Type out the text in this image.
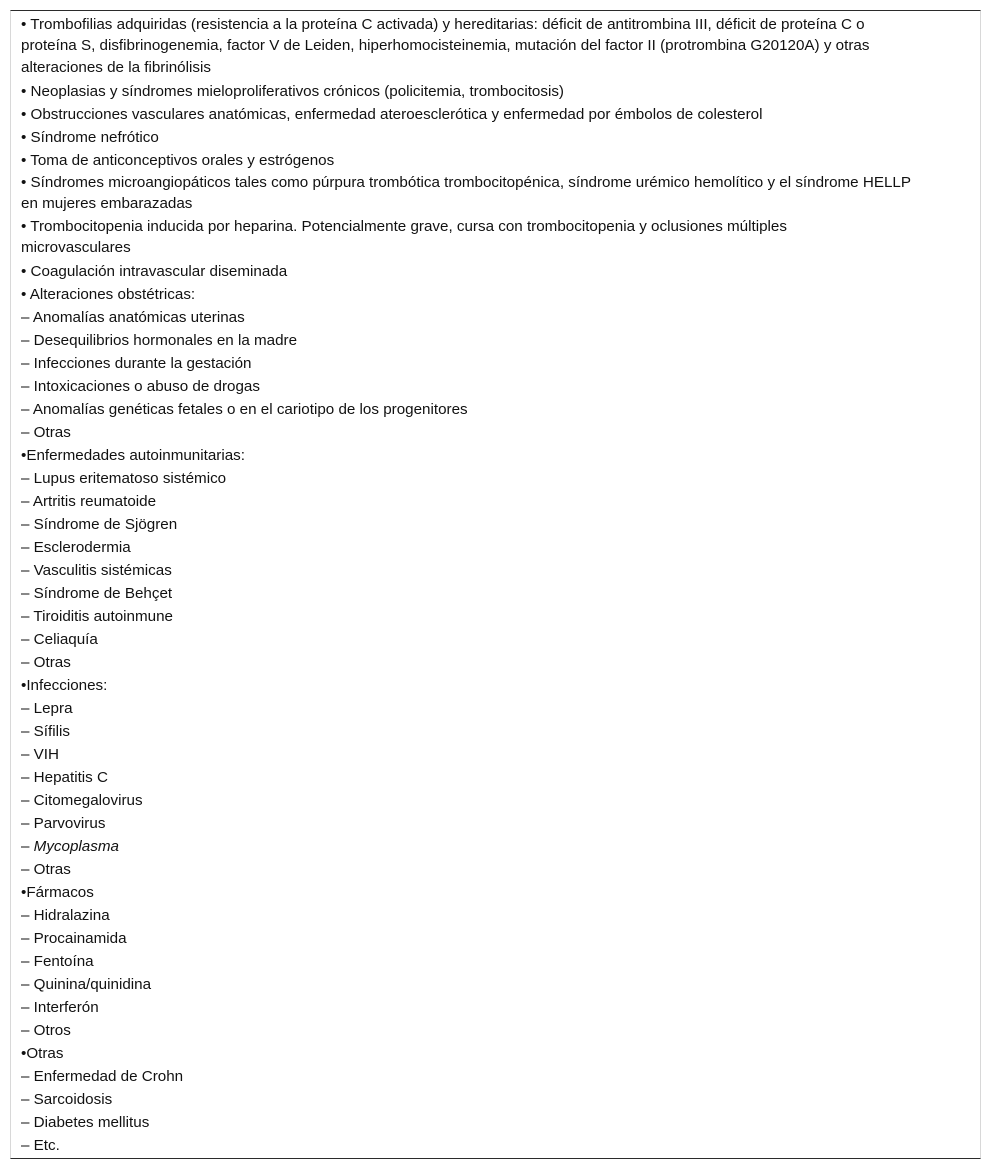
• Trombofilias adquiridas (resistencia a la proteína C activada) y hereditarias: déficit de antitrombina III, déficit de proteína C o proteína S, disfibrinogenemia, factor V de Leiden, hiperhomocisteinemia, mutación del factor II (protrombina G20120A) y otras alteraciones de la fibrinólisis
• Neoplasias y síndromes mieloproliferativos crónicos (policitemia, trombocitosis)
• Obstrucciones vasculares anatómicas, enfermedad ateroesclerótica y enfermedad por émbolos de colesterol
• Síndrome nefrótico
• Toma de anticonceptivos orales y estrógenos
• Síndromes microangiopáticos tales como púrpura trombótica trombocitopénica, síndrome urémico hemolítico y el síndrome HELLP en mujeres embarazadas
• Trombocitopenia inducida por heparina. Potencialmente grave, cursa con trombocitopenia y oclusiones múltiples microvasculares
• Coagulación intravascular diseminada
• Alteraciones obstétricas:
– Anomalías anatómicas uterinas
– Desequilibrios hormonales en la madre
– Infecciones durante la gestación
– Intoxicaciones o abuso de drogas
– Anomalías genéticas fetales o en el cariotipo de los progenitores
– Otras
•Enfermedades autoinmunitarias:
– Lupus eritematoso sistémico
– Artritis reumatoide
– Síndrome de Sjögren
– Esclerodermia
– Vasculitis sistémicas
– Síndrome de Behçet
– Tiroiditis autoinmune
– Celiaquía
– Otras
•Infecciones:
– Lepra
– Sífilis
– VIH
– Hepatitis C
– Citomegalovirus
– Parvovirus
– Mycoplasma
– Otras
•Fármacos
– Hidralazina
– Procainamida
– Fentoína
– Quinina/quinidina
– Interferón
– Otros
•Otras
– Enfermedad de Crohn
– Sarcoidosis
– Diabetes mellitus
– Etc.
